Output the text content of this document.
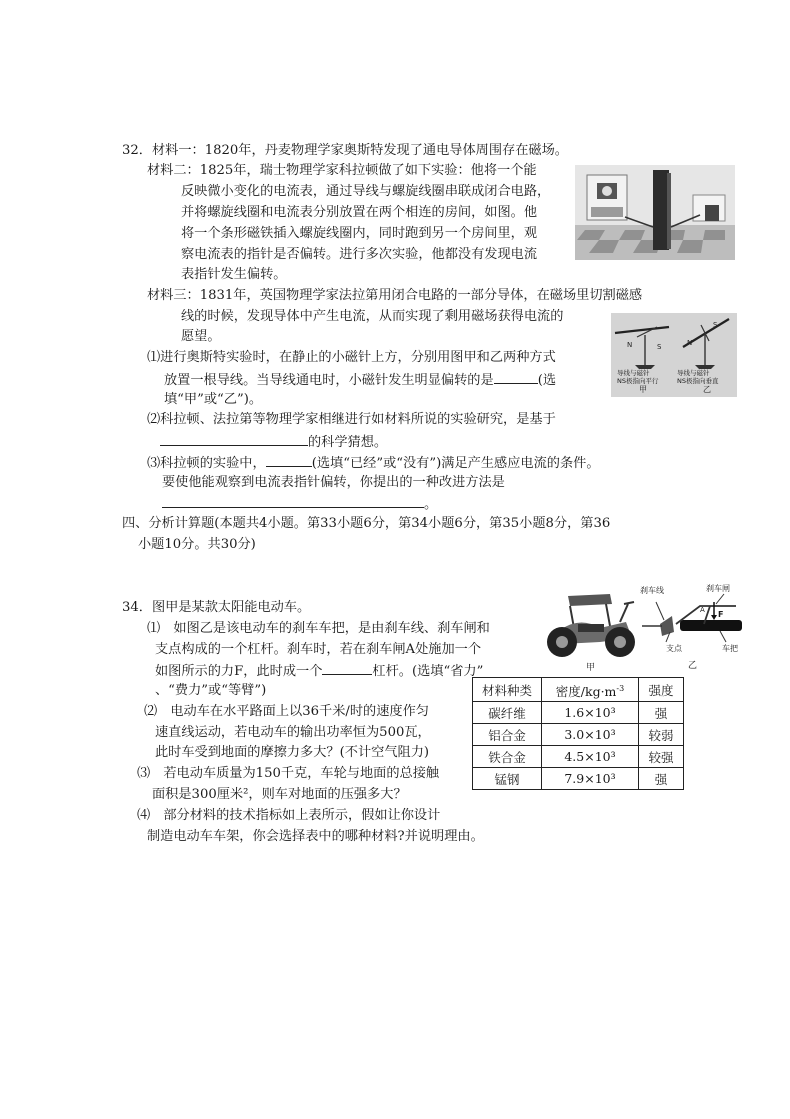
32．材料一：1820年，丹麦物理学家奥斯特发现了通电导体周围存在磁场。
材料二：1825年，瑞士物理学家科拉顿做了如下实验：他将一个能
反映微小变化的电流表，通过导线与螺旋线圈串联成闭合电路，
并将螺旋线圈和电流表分别放置在两个相连的房间，如图。他
将一个条形磁铁插入螺旋线圈内，同时跑到另一个房间里，观
察电流表的指针是否偏转。进行多次实验，他都没有发现电流
表指针发生偏转。
材料三：1831年，英国物理学家法拉第用闭合电路的一部分导体，在磁场里切割磁感
线的时候，发现导体中产生电流，从而实现了剩用磁场获得电流的
愿望。
N	S	N
S
导线与磁针
NS极指向平行
导线与磁针
NS极指向垂直
甲	乙
⑴进行奥斯特实验时，在静止的小磁针上方，分别用图甲和乙两种方式
放置一根导线。当导线通电时，小磁针发生明显偏转的是	(选
填“甲”或“乙”)。
⑵科拉顿、法拉第等物理学家相继进行如材料所说的实验研究，是基于
的科学猜想。
⑶科拉顿的实验中，	(选填“已经”或“没有”)满足产生感应电流的条件。
要使他能观察到电流表指针偏转，你提出的一种改进方法是
。
四、分析计算题(本题共4小题。第33小题6分，第34小题6分，第35小题8分，第36
小题10分。共30分)
34．图甲是某款太阳能电动车。
甲
刹车线	刹车闸
支点	车把
A F
乙
⑴　如图乙是该电动车的刹车车把，是由刹车线、刹车闸和
支点构成的一个杠杆。刹车时，若在刹车闸A处施加一个
如图所示的力F，此时成一个	杠杆。(选填“省力”
、“费力”或“等臂”)
⑵　电动车在水平路面上以36千米/时的速度作匀
速直线运动，若电动车的输出功率恒为500瓦，
此时车受到地面的摩擦力多大？(不计空气阻力)
⑶　若电动车质量为150千克，车轮与地面的总接触
面积是300厘米²，则车对地面的压强多大？
⑷　部分材料的技术指标如上表所示，假如让你设计
制造电动车车架，你会选择表中的哪种材料?并说明理由。
材料种类	密度$/kg\cdot m^{-3}$	强度
碳纤维	1.6×10³	强
铝合金	3.0×10³	较弱
铁合金	4.5×10³	较强
锰钢	7.9×10³	强
